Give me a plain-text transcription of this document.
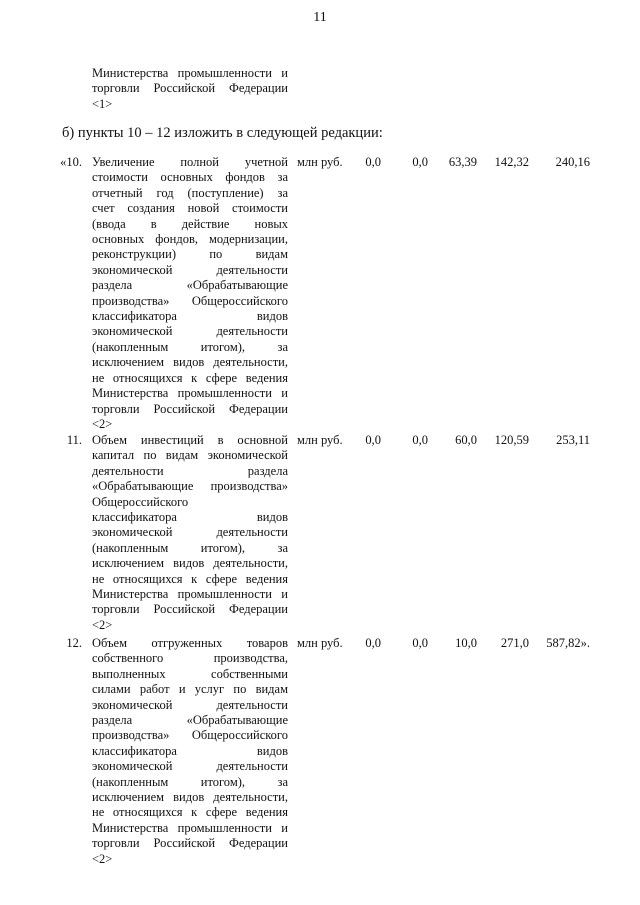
11
Министерства промышленности и
торговли Российской Федерации
<1>
б) пункты 10 – 12 изложить в следующей редакции:
«10. Увеличение полной учетной
стоимости основных фондов за
отчетный год (поступление) за
счет создания новой стоимости
(ввода в действие новых
основных фондов, модернизации,
реконструкции) по видам
экономической деятельности
раздела «Обрабатывающие
производства» Общероссийского
классификатора видов
экономической деятельности
(накопленным итогом), за
исключением видов деятельности,
не относящихся к сфере ведения
Министерства промышленности и
торговли Российской Федерации
<2>
млн руб.	0,0	0,0	63,39	142,32	240,16
11. Объем инвестиций в основной
капитал по видам экономической
деятельности раздела
«Обрабатывающие производства»
Общероссийского
классификатора видов
экономической деятельности
(накопленным итогом), за
исключением видов деятельности,
не относящихся к сфере ведения
Министерства промышленности и
торговли Российской Федерации
<2>
млн руб.	0,0	0,0	60,0	120,59	253,11
12. Объем отгруженных товаров
собственного производства,
выполненных собственными
силами работ и услуг по видам
экономической деятельности
раздела «Обрабатывающие
производства» Общероссийского
классификатора видов
экономической деятельности
(накопленным итогом), за
исключением видов деятельности,
не относящихся к сфере ведения
Министерства промышленности и
торговли Российской Федерации
<2>
млн руб.	0,0	0,0	10,0	271,0	587,82».
